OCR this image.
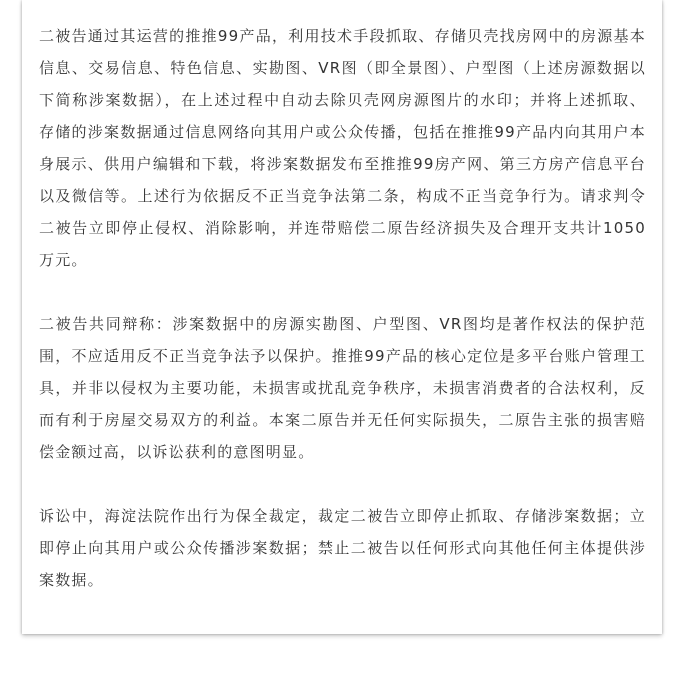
二被告通过其运营的推推99产品，利用技术手段抓取、存储贝壳找房网中的房源基本信息、交易信息、特色信息、实勘图、VR图（即全景图）、户型图（上述房源数据以下简称涉案数据），在上述过程中自动去除贝壳网房源图片的水印；并将上述抓取、存储的涉案数据通过信息网络向其用户或公众传播，包括在推推99产品内向其用户本身展示、供用户编辑和下载，将涉案数据发布至推推99房产网、第三方房产信息平台以及微信等。上述行为依据反不正当竞争法第二条，构成不正当竞争行为。请求判令二被告立即停止侵权、消除影响，并连带赔偿二原告经济损失及合理开支共计1050万元。

二被告共同辩称：涉案数据中的房源实勘图、户型图、VR图均是著作权法的保护范围，不应适用反不正当竞争法予以保护。推推99产品的核心定位是多平台账户管理工具，并非以侵权为主要功能，未损害或扰乱竞争秩序，未损害消费者的合法权利，反而有利于房屋交易双方的利益。本案二原告并无任何实际损失，二原告主张的损害赔偿金额过高，以诉讼获利的意图明显。

诉讼中，海淀法院作出行为保全裁定，裁定二被告立即停止抓取、存储涉案数据；立即停止向其用户或公众传播涉案数据；禁止二被告以任何形式向其他任何主体提供涉案数据。
